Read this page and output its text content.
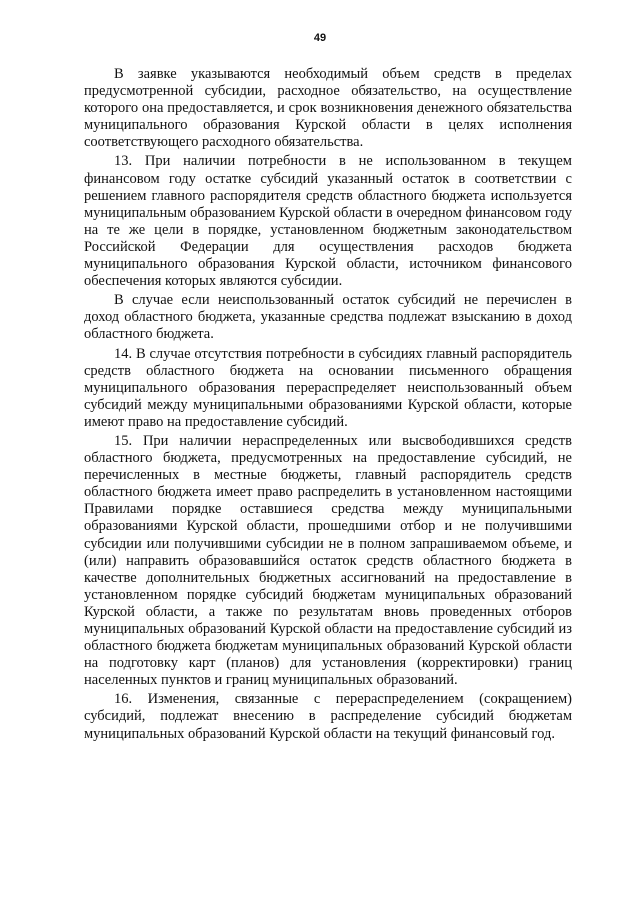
49

В заявке указываются необходимый объем средств в пределах предусмотренной субсидии, расходное обязательство, на осуществление которого она предоставляется, и срок возникновения денежного обязательства муниципального образования Курской области в целях исполнения соответствующего расходного обязательства.

13. При наличии потребности в не использованном в текущем финансовом году остатке субсидий указанный остаток в соответствии с решением главного распорядителя средств областного бюджета используется муниципальным образованием Курской области в очередном финансовом году на те же цели в порядке, установленном бюджетным законодательством Российской Федерации для осуществления расходов бюджета муниципального образования Курской области, источником финансового обеспечения которых являются субсидии.

В случае если неиспользованный остаток субсидий не перечислен в доход областного бюджета, указанные средства подлежат взысканию в доход областного бюджета.

14. В случае отсутствия потребности в субсидиях главный распорядитель средств областного бюджета на основании письменного обращения муниципального образования перераспределяет неиспользованный объем субсидий между муниципальными образованиями Курской области, которые имеют право на предоставление субсидий.

15. При наличии нераспределенных или высвободившихся средств областного бюджета, предусмотренных на предоставление субсидий, не перечисленных в местные бюджеты, главный распорядитель средств областного бюджета имеет право распределить в установленном настоящими Правилами порядке оставшиеся средства между муниципальными образованиями Курской области, прошедшими отбор и не получившими субсидии или получившими субсидии не в полном запрашиваемом объеме, и (или) направить образовавшийся остаток средств областного бюджета в качестве дополнительных бюджетных ассигнований на предоставление в установленном порядке субсидий бюджетам муниципальных образований Курской области, а также по результатам вновь проведенных отборов муниципальных образований Курской области на предоставление субсидий из областного бюджета бюджетам муниципальных образований Курской области на подготовку карт (планов) для установления (корректировки) границ населенных пунктов и границ муниципальных образований.

16. Изменения, связанные с перераспределением (сокращением) субсидий, подлежат внесению в распределение субсидий бюджетам муниципальных образований Курской области на текущий финансовый год.
